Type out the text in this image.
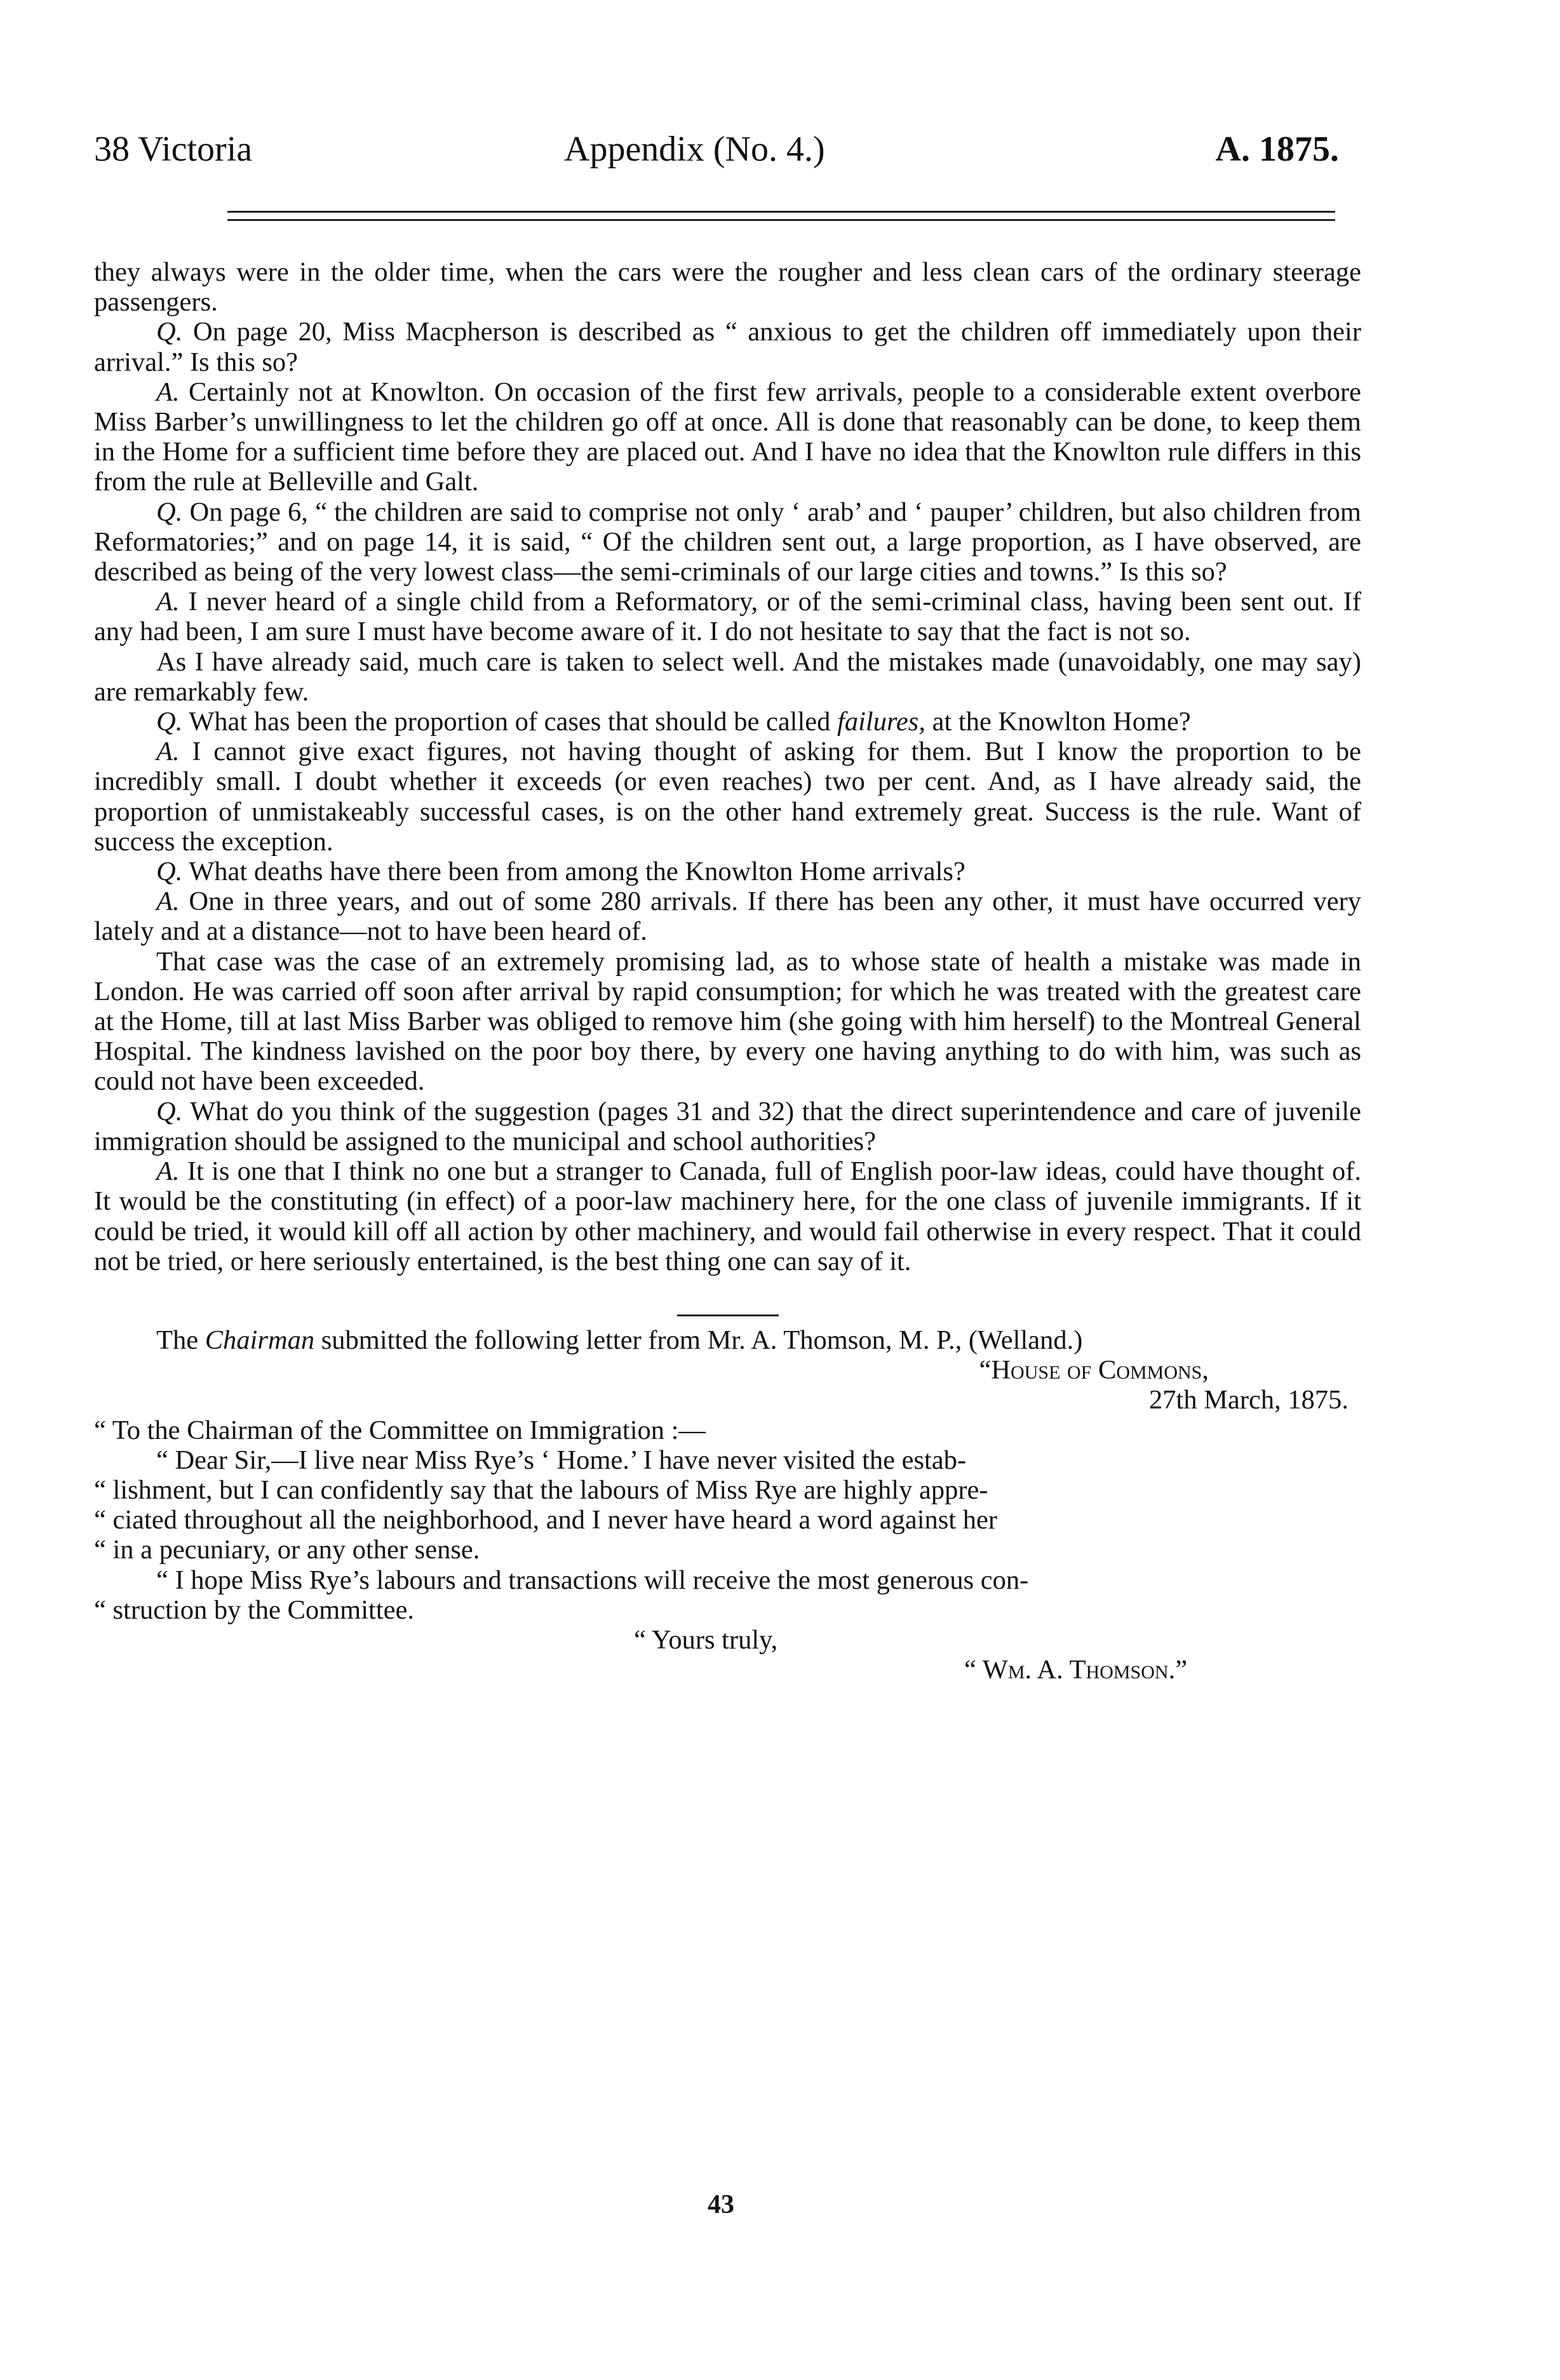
38 Victoria	Appendix (No. 4.)	A. 1875.

they always were in the older time, when the cars were the rougher and less clean cars of the ordinary steerage passengers.

Q. On page 20, Miss Macpherson is described as “ anxious to get the children off immediately upon their arrival.” Is this so?

A. Certainly not at Knowlton. On occasion of the first few arrivals, people to a considerable extent overbore Miss Barber’s unwillingness to let the children go off at once. All is done that reasonably can be done, to keep them in the Home for a sufficient time before they are placed out. And I have no idea that the Knowlton rule differs in this from the rule at Belleville and Galt.

Q. On page 6, “ the children are said to comprise not only ‘ arab’ and ‘ pauper’ children, but also children from Reformatories;” and on page 14, it is said, “ Of the children sent out, a large proportion, as I have observed, are described as being of the very lowest class—the semi-criminals of our large cities and towns.” Is this so?

A. I never heard of a single child from a Reformatory, or of the semi-criminal class, having been sent out. If any had been, I am sure I must have become aware of it. I do not hesitate to say that the fact is not so.

As I have already said, much care is taken to select well. And the mistakes made (unavoidably, one may say) are remarkably few.

Q. What has been the proportion of cases that should be called failures, at the Knowlton Home?

A. I cannot give exact figures, not having thought of asking for them. But I know the proportion to be incredibly small. I doubt whether it exceeds (or even reaches) two per cent. And, as I have already said, the proportion of unmistakeably successful cases, is on the other hand extremely great. Success is the rule. Want of success the exception.

Q. What deaths have there been from among the Knowlton Home arrivals?

A. One in three years, and out of some 280 arrivals. If there has been any other, it must have occurred very lately and at a distance—not to have been heard of.

That case was the case of an extremely promising lad, as to whose state of health a mistake was made in London. He was carried off soon after arrival by rapid consumption; for which he was treated with the greatest care at the Home, till at last Miss Barber was obliged to remove him (she going with him herself) to the Montreal General Hospital. The kindness lavished on the poor boy there, by every one having anything to do with him, was such as could not have been exceeded.

Q. What do you think of the suggestion (pages 31 and 32) that the direct superintendence and care of juvenile immigration should be assigned to the municipal and school authorities?

A. It is one that I think no one but a stranger to Canada, full of English poor-law ideas, could have thought of. It would be the constituting (in effect) of a poor-law machinery here, for the one class of juvenile immigrants. If it could be tried, it would kill off all action by other machinery, and would fail otherwise in every respect. That it could not be tried, or here seriously entertained, is the best thing one can say of it.

The Chairman submitted the following letter from Mr. A. Thomson, M. P., (Welland.)

“House of Commons,

27th March, 1875.

“ To the Chairman of the Committee on Immigration :—

“ Dear Sir,—I live near Miss Rye’s ‘ Home.’ I have never visited the estab-

“ lishment, but I can confidently say that the labours of Miss Rye are highly appre-

“ ciated throughout all the neighborhood, and I never have heard a word against her

“ in a pecuniary, or any other sense.

“ I hope Miss Rye’s labours and transactions will receive the most generous con-

“ struction by the Committee.

“ Yours truly,

“ Wm. A. Thomson.”

43
